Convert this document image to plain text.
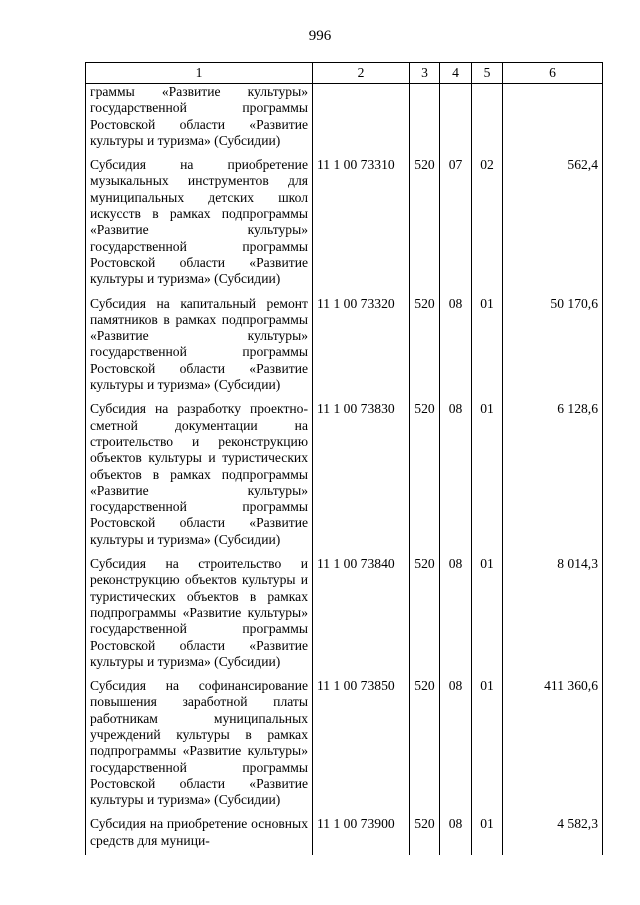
996
1	2	3	4	5	6
граммы «Развитие культуры» государственной программы Ростовской области «Развитие культуры и туризма» (Субсидии)					
Субсидия на приобретение музыкальных инструментов для муниципальных детских школ искусств в рамках подпрограммы «Развитие культуры» государственной программы Ростовской области «Развитие культуры и туризма» (Субсидии)	11 1 00 73310	520	07	02	562,4
Субсидия на капитальный ремонт памятников в рамках подпрограммы «Развитие культуры» государственной программы Ростовской области «Развитие культуры и туризма» (Субсидии)	11 1 00 73320	520	08	01	50 170,6
Субсидия на разработку проектно-сметной документации на строительство и реконструкцию объектов культуры и туристических объектов в рамках подпрограммы «Развитие культуры» государственной программы Ростовской области «Развитие культуры и туризма» (Субсидии)	11 1 00 73830	520	08	01	6 128,6
Субсидия на строительство и реконструкцию объектов культуры и туристических объектов в рамках подпрограммы «Развитие культуры» государственной программы Ростовской области «Развитие культуры и туризма» (Субсидии)	11 1 00 73840	520	08	01	8 014,3
Субсидия на софинансирование повышения заработной платы работникам муниципальных учреждений культуры в рамках подпрограммы «Развитие культуры» государственной программы Ростовской области «Развитие культуры и туризма» (Субсидии)	11 1 00 73850	520	08	01	411 360,6
Субсидия на приобретение основных средств для муници-	11 1 00 73900	520	08	01	4 582,3
